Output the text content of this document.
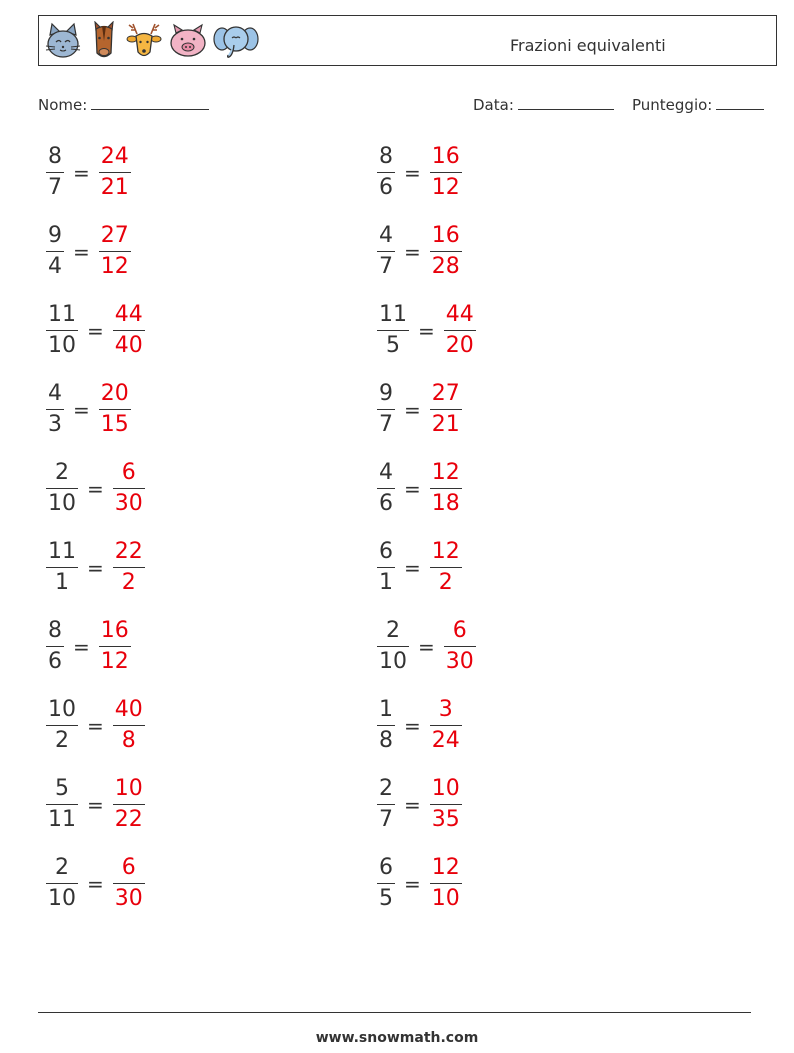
Frazioni equivalenti
Nome:	Data:	Punteggio:
$\frac{8}{7} = \frac{24}{21}$
$\frac{9}{4} = \frac{27}{12}$
$\frac{11}{10} = \frac{44}{40}$
$\frac{4}{3} = \frac{20}{15}$
$\frac{2}{10} = \frac{6}{30}$
$\frac{11}{1} = \frac{22}{2}$
$\frac{8}{6} = \frac{16}{12}$
$\frac{10}{2} = \frac{40}{8}$
$\frac{5}{11} = \frac{10}{22}$
$\frac{2}{10} = \frac{6}{30}$
$\frac{8}{6} = \frac{16}{12}$
$\frac{4}{7} = \frac{16}{28}$
$\frac{11}{5} = \frac{44}{20}$
$\frac{9}{7} = \frac{27}{21}$
$\frac{4}{6} = \frac{12}{18}$
$\frac{6}{1} = \frac{12}{2}$
$\frac{2}{10} = \frac{6}{30}$
$\frac{1}{8} = \frac{3}{24}$
$\frac{2}{7} = \frac{10}{35}$
$\frac{6}{5} = \frac{12}{10}$
www.snowmath.com
